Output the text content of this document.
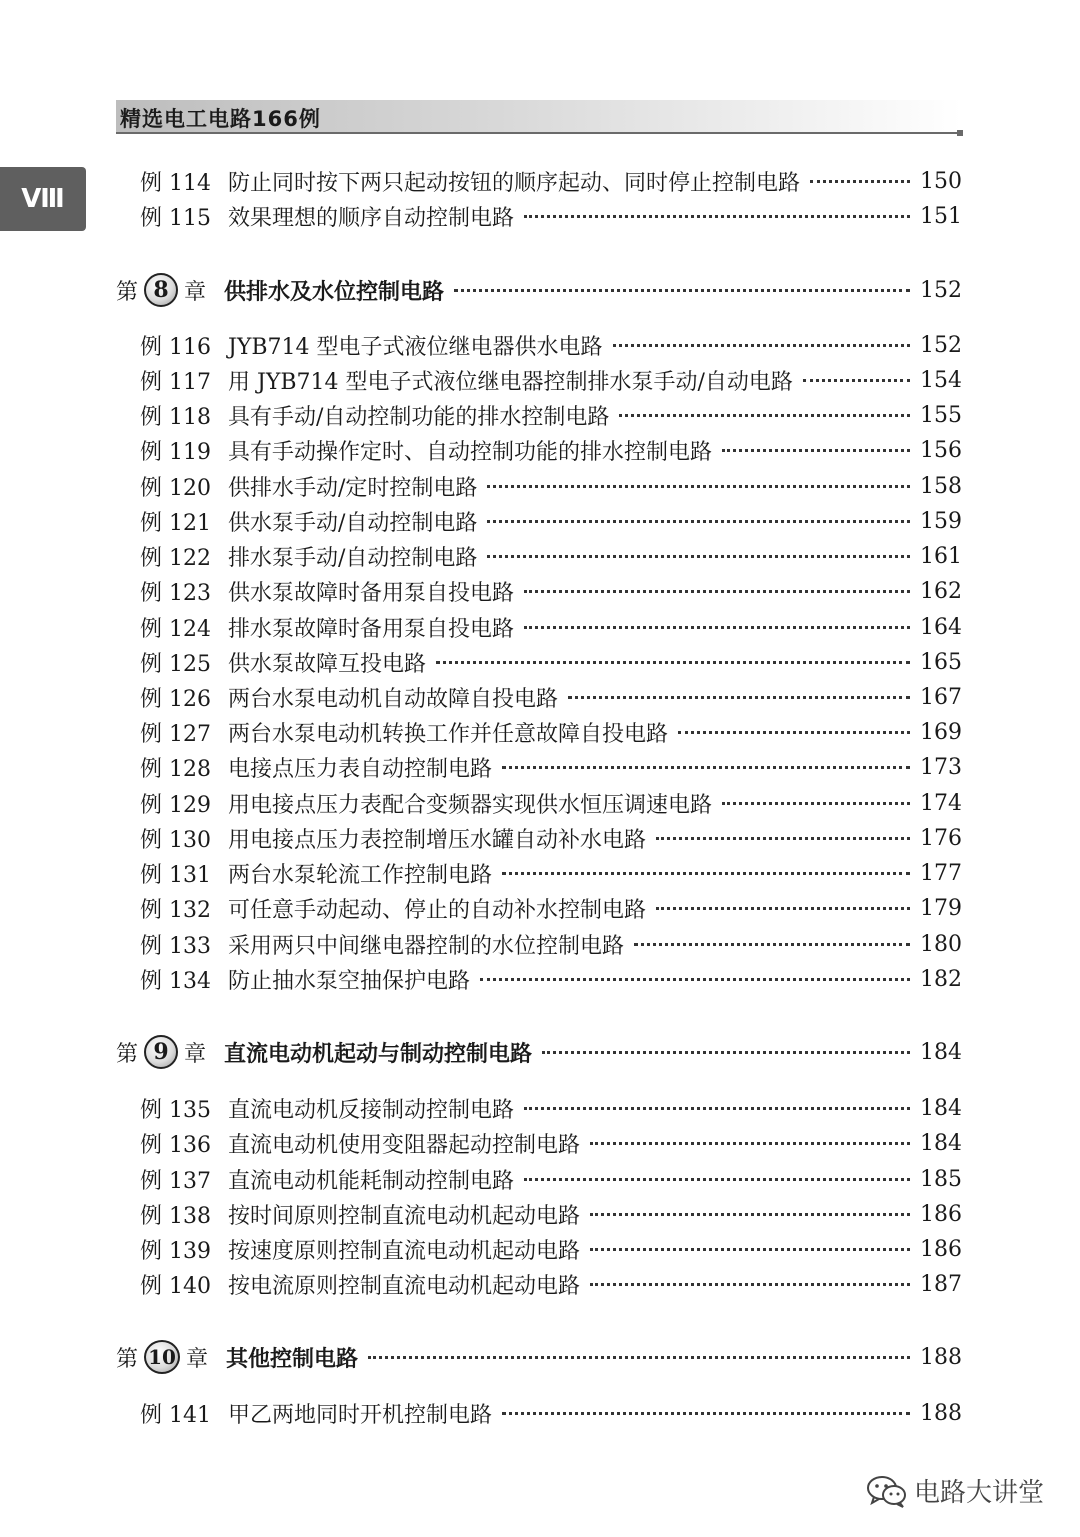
精选电工电路166例
Ⅷ
例 114 防止同时按下两只起动按钮的顺序起动、同时停止控制电路	150
例 115 效果理想的顺序自动控制电路	151
第 8 章 供排水及水位控制电路	152
例 116 JYB714 型电子式液位继电器供水电路	152
例 117 用 JYB714 型电子式液位继电器控制排水泵手动/自动电路	154
例 118 具有手动/自动控制功能的排水控制电路	155
例 119 具有手动操作定时、自动控制功能的排水控制电路	156
例 120 供排水手动/定时控制电路	158
例 121 供水泵手动/自动控制电路	159
例 122 排水泵手动/自动控制电路	161
例 123 供水泵故障时备用泵自投电路	162
例 124 排水泵故障时备用泵自投电路	164
例 125 供水泵故障互投电路	165
例 126 两台水泵电动机自动故障自投电路	167
例 127 两台水泵电动机转换工作并任意故障自投电路	169
例 128 电接点压力表自动控制电路	173
例 129 用电接点压力表配合变频器实现供水恒压调速电路	174
例 130 用电接点压力表控制增压水罐自动补水电路	176
例 131 两台水泵轮流工作控制电路	177
例 132 可任意手动起动、停止的自动补水控制电路	179
例 133 采用两只中间继电器控制的水位控制电路	180
例 134 防止抽水泵空抽保护电路	182
第 9 章 直流电动机起动与制动控制电路	184
例 135 直流电动机反接制动控制电路	184
例 136 直流电动机使用变阻器起动控制电路	184
例 137 直流电动机能耗制动控制电路	185
例 138 按时间原则控制直流电动机起动电路	186
例 139 按速度原则控制直流电动机起动电路	186
例 140 按电流原则控制直流电动机起动电路	187
第 10 章 其他控制电路	188
例 141 甲乙两地同时开机控制电路	188
电路大讲堂
